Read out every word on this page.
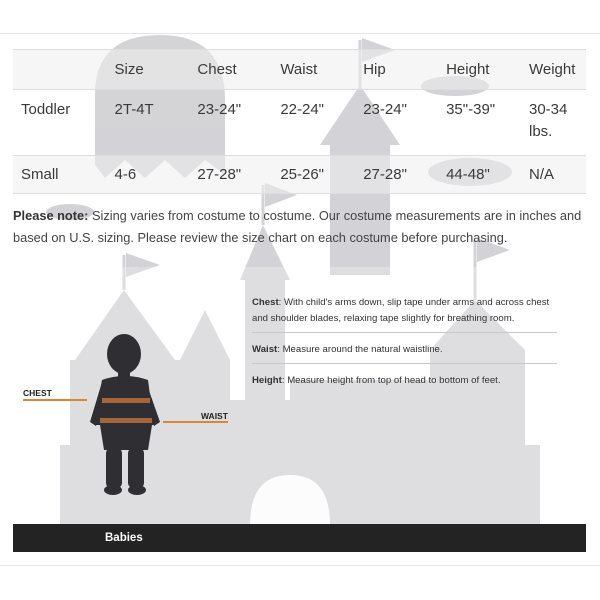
	Size	Chest	Waist	Hip	Height	Weight
Toddler	2T-4T	23-24"	22-24"	23-24"	35"-39"	30-34 lbs.
Small	4-6	27-28"	25-26"	27-28"	44-48"	N/A

Please note: Sizing varies from costume to costume. Our costume measurements are in inches and based on U.S. sizing. Please review the size chart on each costume before purchasing.

Chest: With child's arms down, slip tape under arms and across chest and shoulder blades, relaxing tape slightly for breathing room.
Waist: Measure around the natural waistline.
Height: Measure height from top of head to bottom of feet.
CHEST
WAIST
Babies
